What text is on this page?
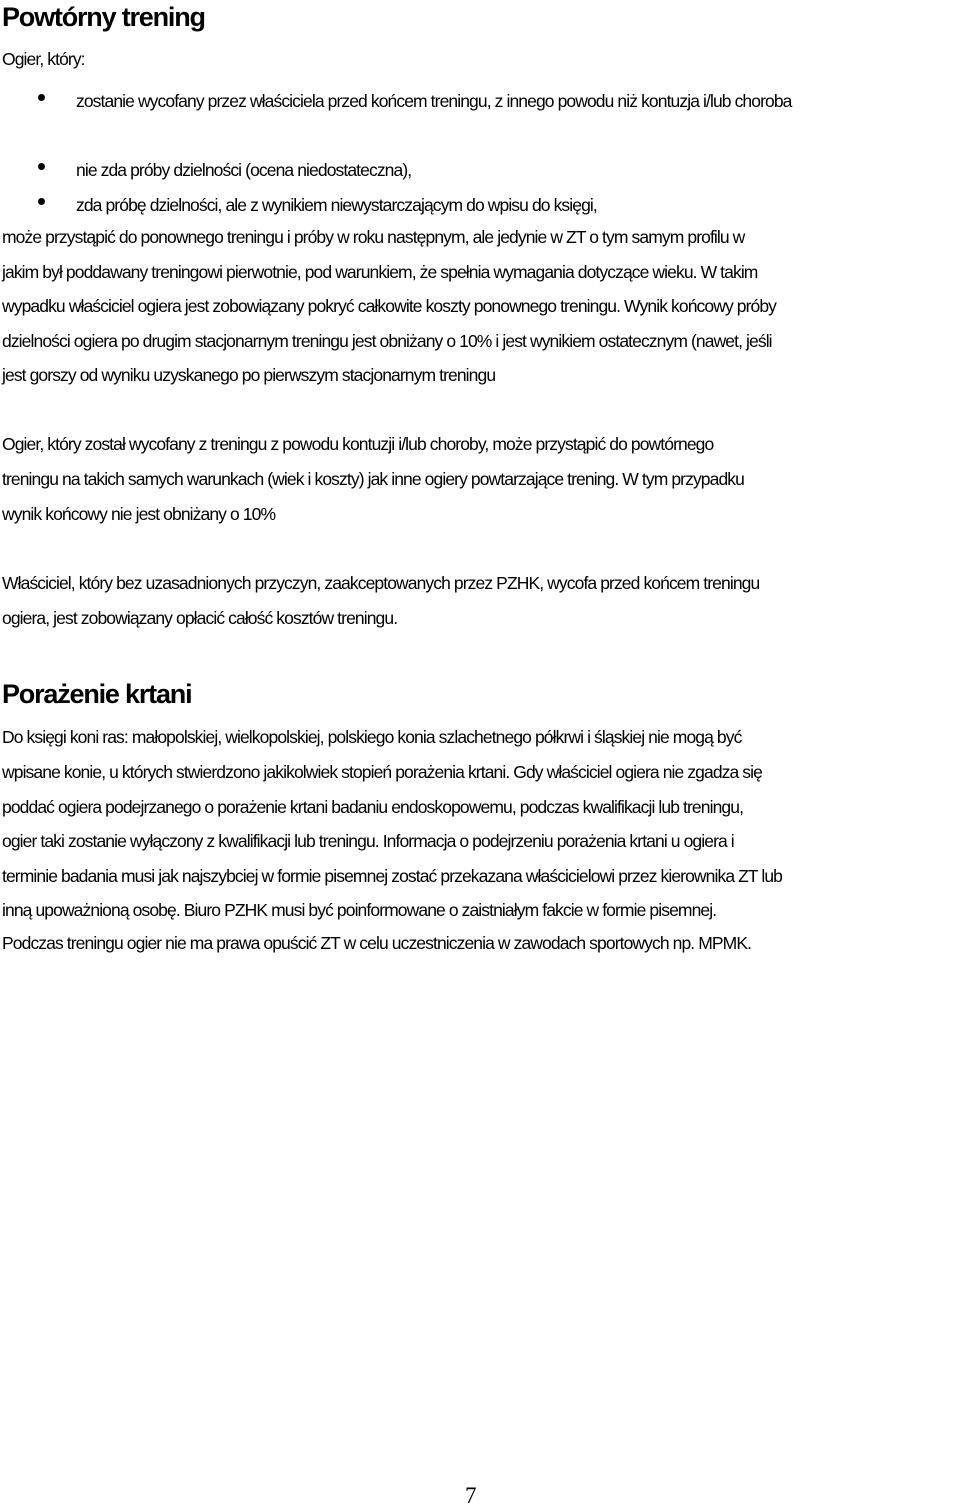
Powtórny trening

Ogier, który:

zostanie wycofany przez właściciela przed końcem treningu, z innego powodu niż kontuzja i/lub choroba
nie zda próby dzielności (ocena niedostateczna),
zda próbę dzielności, ale z wynikiem niewystarczającym do wpisu do księgi,

może przystąpić do ponownego treningu i próby w roku następnym, ale jedynie w ZT o tym samym profilu w

jakim był poddawany treningowi pierwotnie, pod warunkiem, że spełnia wymagania dotyczące wieku. W takim

wypadku właściciel ogiera jest zobowiązany pokryć całkowite koszty ponownego treningu. Wynik końcowy próby

dzielności ogiera po drugim stacjonarnym treningu jest obniżany o 10% i jest wynikiem ostatecznym (nawet, jeśli

jest gorszy od wyniku uzyskanego po pierwszym stacjonarnym treningu

Ogier, który został wycofany z treningu z powodu kontuzji i/lub choroby, może przystąpić do powtórnego

treningu na takich samych warunkach (wiek i koszty) jak inne ogiery powtarzające trening. W tym przypadku

wynik końcowy nie jest obniżany o 10%

Właściciel, który bez uzasadnionych przyczyn, zaakceptowanych przez PZHK, wycofa przed końcem treningu

ogiera, jest zobowiązany opłacić całość kosztów treningu.

Porażenie krtani

Do księgi koni ras: małopolskiej, wielkopolskiej, polskiego konia szlachetnego półkrwi i śląskiej nie mogą być

wpisane konie, u których stwierdzono jakikolwiek stopień porażenia krtani. Gdy właściciel ogiera nie zgadza się

poddać ogiera podejrzanego o porażenie krtani badaniu endoskopowemu, podczas kwalifikacji lub treningu,

ogier taki zostanie wyłączony z kwalifikacji lub treningu. Informacja o podejrzeniu porażenia krtani u ogiera i

terminie badania musi jak najszybciej w formie pisemnej zostać przekazana właścicielowi przez kierownika ZT lub

inną upoważnioną osobę. Biuro PZHK musi być poinformowane o zaistniałym fakcie w formie pisemnej.

Podczas treningu ogier nie ma prawa opuścić ZT w celu uczestniczenia w zawodach sportowych np. MPMK.

7
